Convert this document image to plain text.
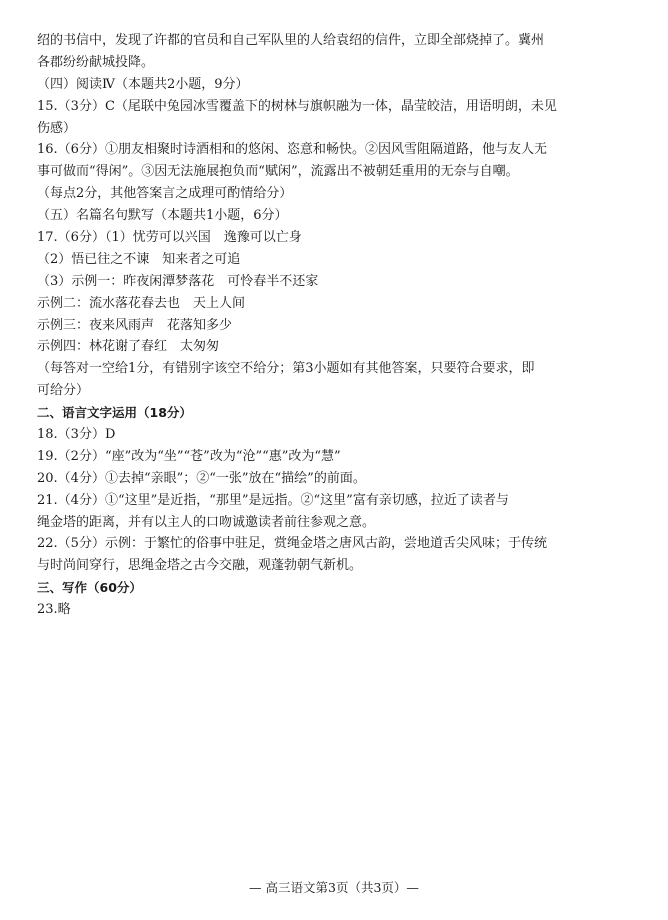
绍的书信中，发现了许都的官员和自己军队里的人给袁绍的信件，立即全部烧掉了。冀州
各郡纷纷献城投降。
（四）阅读Ⅳ（本题共2小题，9分）
15.（3分）C（尾联中兔园冰雪覆盖下的树林与旗帜融为一体，晶莹皎洁，用语明朗，未见
伤感）
16.（6分）①朋友相聚时诗酒相和的悠闲、恣意和畅快。②因风雪阻隔道路，他与友人无
事可做而“得闲”。③因无法施展抱负而“赋闲”，流露出不被朝廷重用的无奈与自嘲。
（每点2分，其他答案言之成理可酌情给分）
（五）名篇名句默写（本题共1小题，6分）
17.（6分）（1）忧劳可以兴国　逸豫可以亡身
（2）悟已往之不谏　知来者之可追
（3）示例一：昨夜闲潭梦落花　可怜春半不还家
示例二：流水落花春去也　天上人间
示例三：夜来风雨声　花落知多少
示例四：林花谢了春红　太匆匆
（每答对一空给1分，有错别字该空不给分；第3小题如有其他答案，只要符合要求，即
可给分）
二、语言文字运用（18分）
18.（3分）D
19.（2分）“座”改为“坐”“苍”改为“沧”“惠”改为“慧”
20.（4分）①去掉“亲眼”；②“一张”放在“描绘”的前面。
21.（4分）①“这里”是近指，“那里”是远指。②“这里”富有亲切感，拉近了读者与
绳金塔的距离，并有以主人的口吻诚邀读者前往参观之意。
22.（5分）示例：于繁忙的俗事中驻足，赏绳金塔之唐风古韵，尝地道舌尖风味；于传统
与时尚间穿行，思绳金塔之古今交融，观蓬勃朝气新机。
三、写作（60分）
23.略
— 高三语文第3页（共3页）—
